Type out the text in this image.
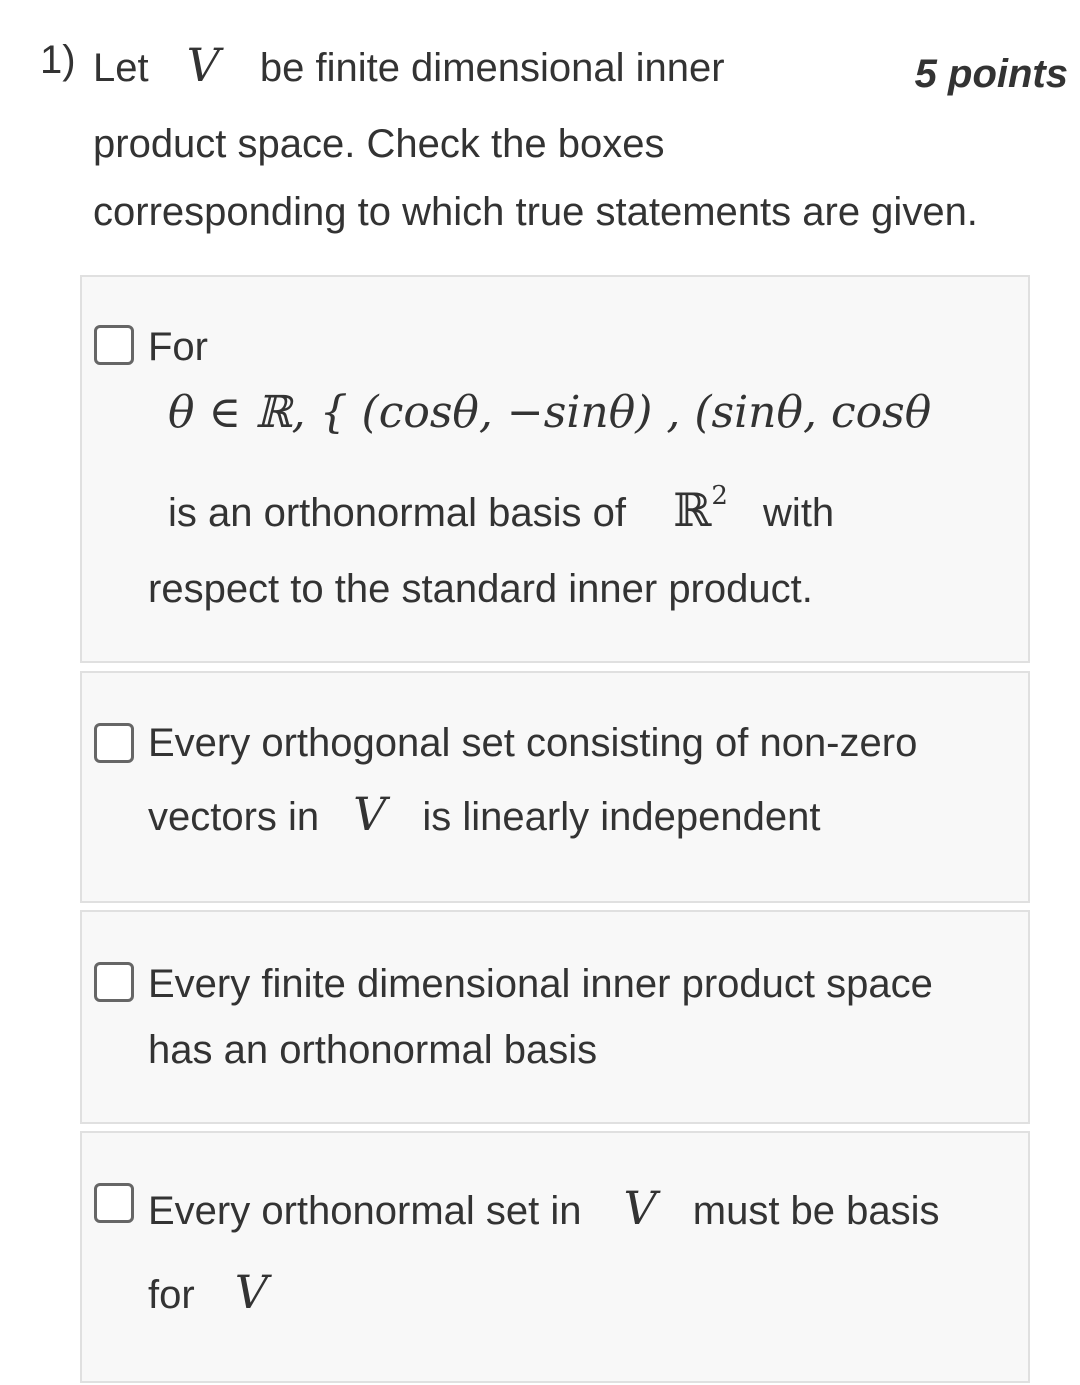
1) Let V be finite dimensional inner	5 points
product space. Check the boxes
corresponding to which true statements are given.
For
θ ∈ ℝ, { (cosθ, −sinθ) , (sinθ, cosθ
is an orthonormal basis of ℝ$^2$ with
respect to the standard inner product.
Every orthogonal set consisting of non-zero
vectors in V is linearly independent
Every finite dimensional inner product space
has an orthonormal basis
Every orthonormal set in V must be basis
for V
